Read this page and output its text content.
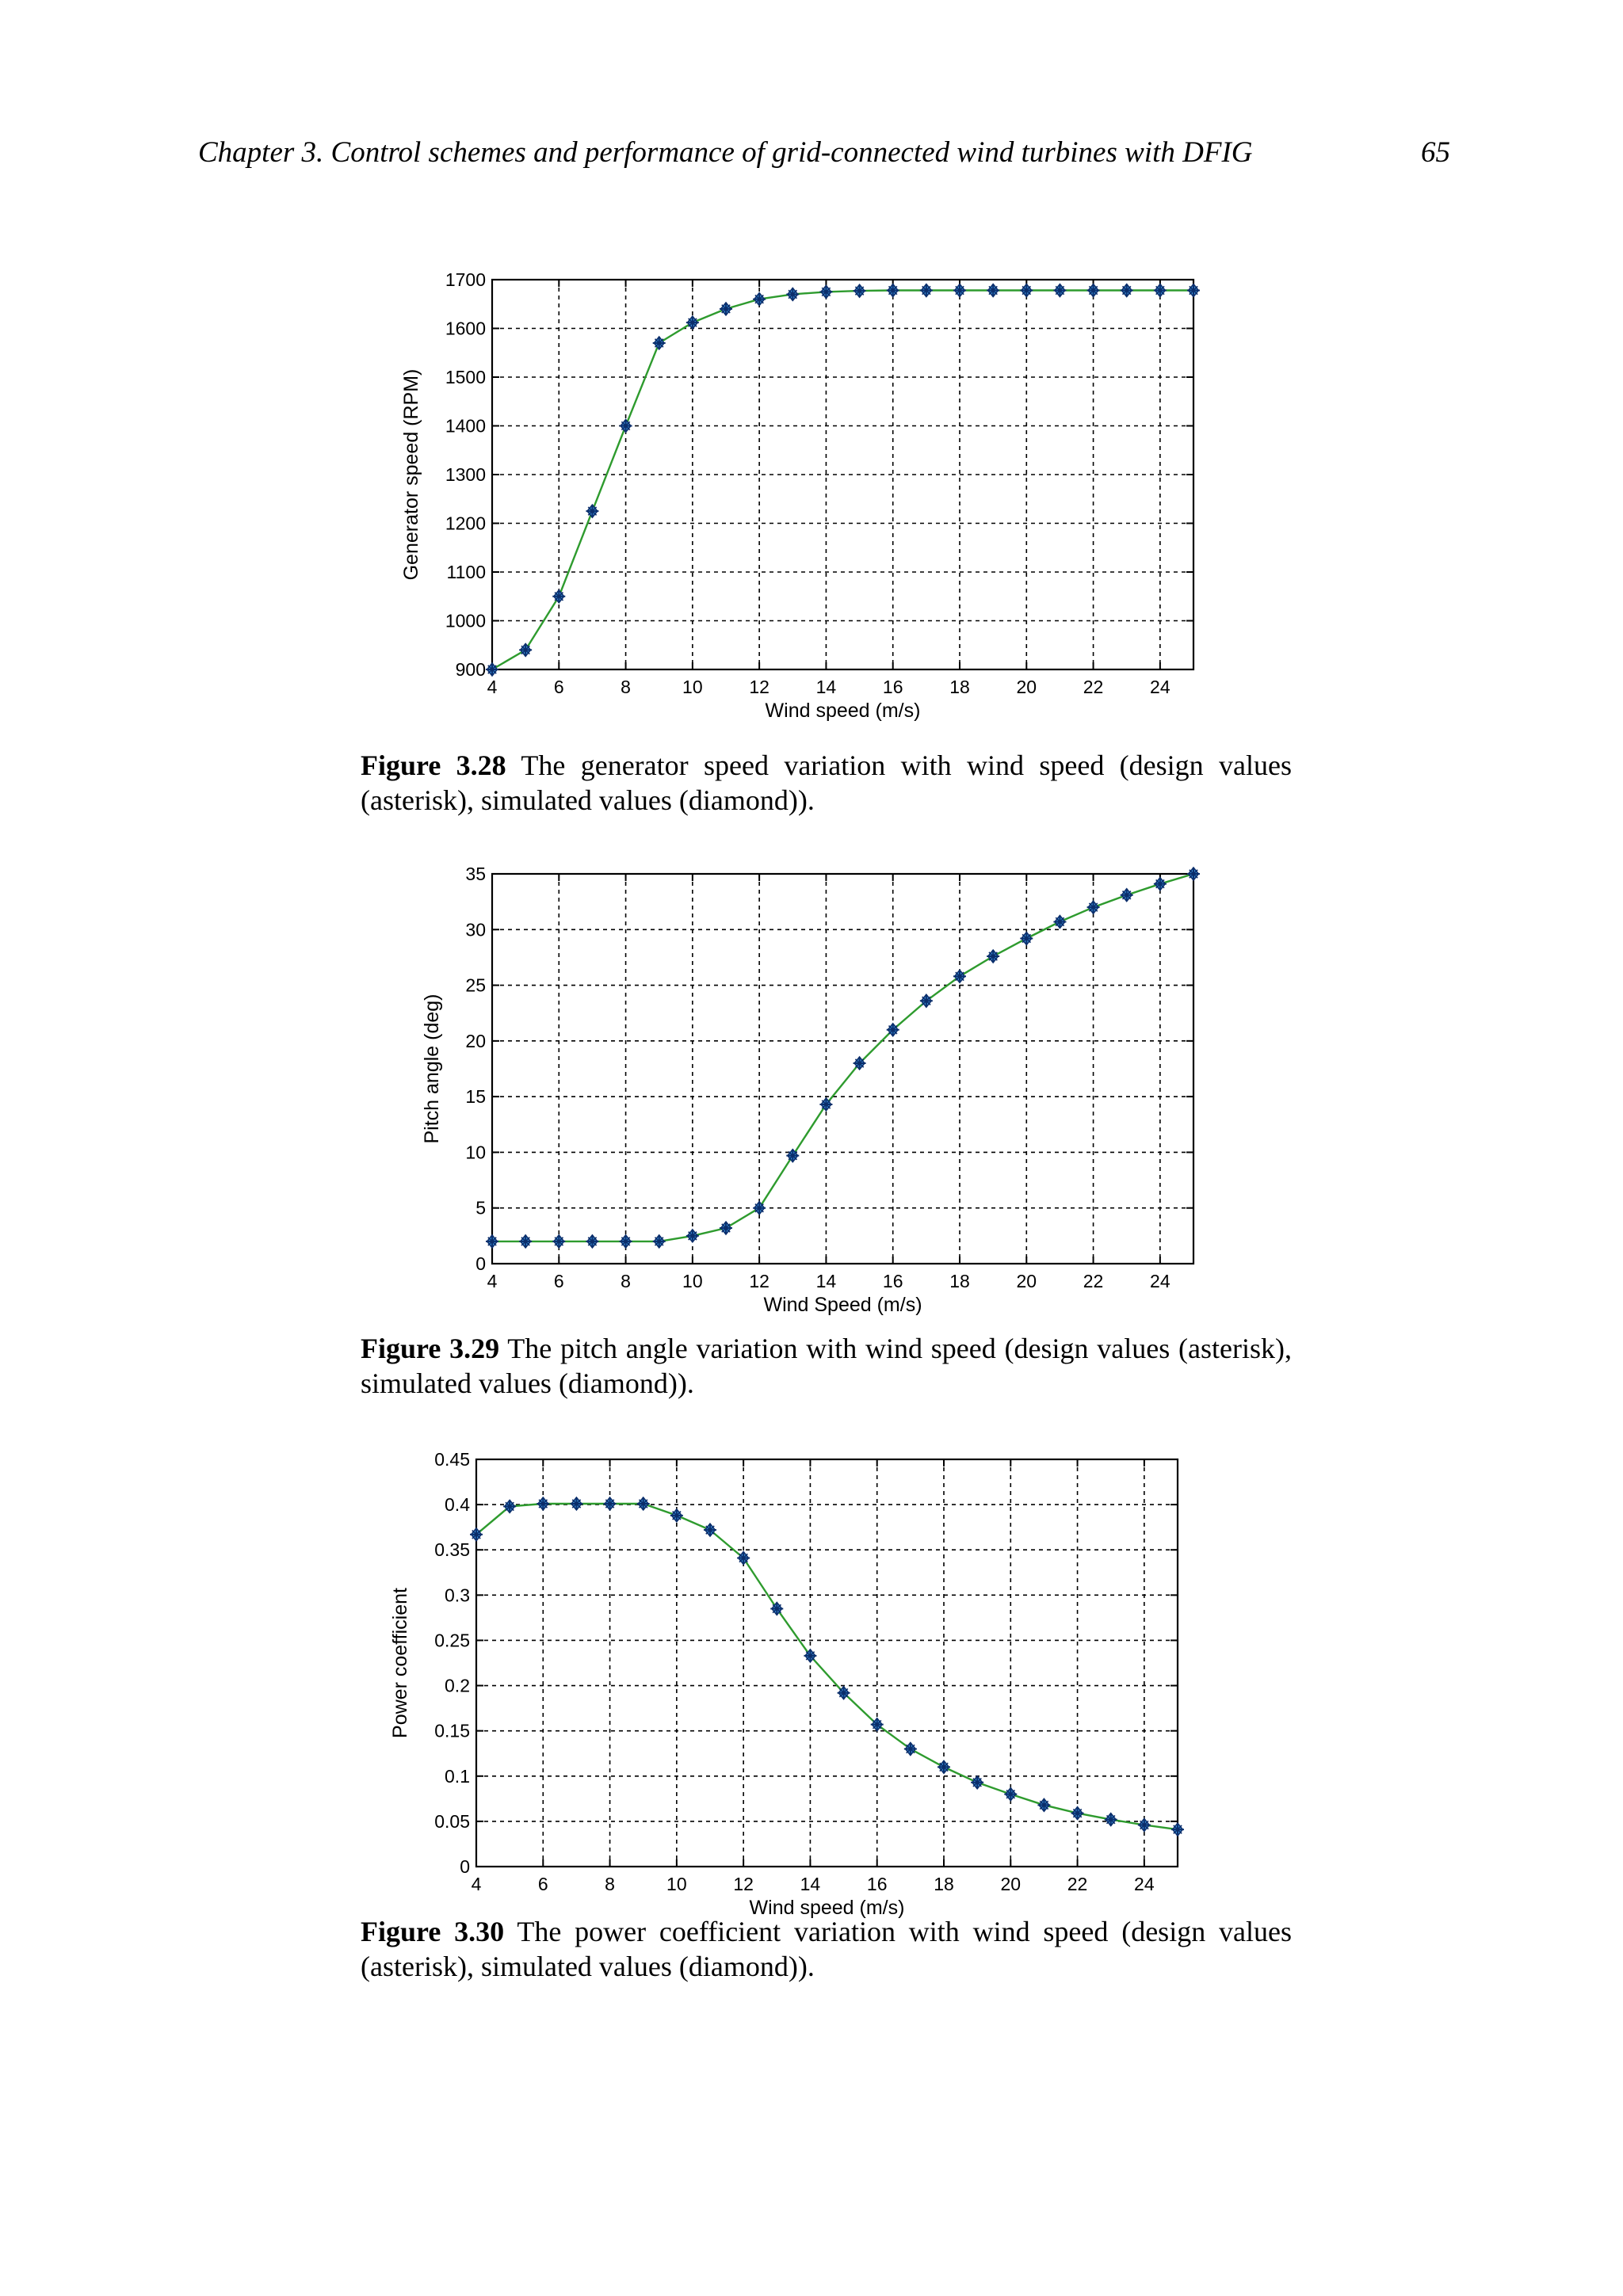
Chapter 3. Control schemes and performance of grid-connected wind turbines with DFIG	65
4	6	8	10	12	14	16	18	20	22	24
900
1000
1100
1200
1300
1400
1500
1600
1700
Wind speed (m/s)
Generator speed (RPM)

Figure 3.28 The generator speed variation with wind speed (design values (asterisk), simulated values (diamond)).

4	6	8	10	12	14	16	18	20	22	24
0
5
10
15
20
25
30
35
Wind Speed (m/s)
Pitch angle (deg)

Figure 3.29 The pitch angle variation with wind speed (design values (asterisk), simulated values (diamond)).

4	6	8	10	12	14	16	18	20	22	24
0
0.05
0.1
0.15
0.2
0.25
0.3
0.35
0.4
0.45
Wind speed (m/s)
Power coefficient

Figure 3.30 The power coefficient variation with wind speed (design values (asterisk), simulated values (diamond)).
